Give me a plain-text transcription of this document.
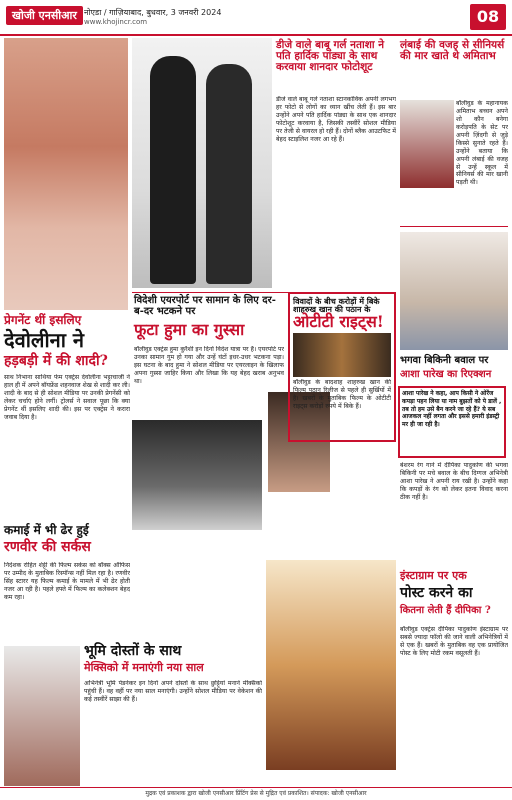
खोजी एनसीआर नोएडा / गाज़ियाबाद, बुधवार, 3 जनवरी 2024
www.khojincr.com	08
डीजे वाले बाबू गर्ल नताशा ने पति हार्दिक पांड्या के साथ करवाया शानदार फोटोशूट
डीजे वाले बाबू गर्ल नताशा स्टानकोविक अपनी लगभग हर फोटो से लोगों का ध्यान खींच लेती हैं। इस बार उन्होंने अपने पति हार्दिक पांड्या के साथ एक शानदार फोटोशूट करवाया है, जिसकी तस्वीरें सोशल मीडिया पर तेजी से वायरल हो रही हैं। दोनों ब्लैक आउटफिट में बेहद स्टाइलिश नजर आ रहे हैं।
लंबाई की वजह से सीनियर्स की मार खाते थे अमिताभ
बॉलीवुड के महानायक अमिताभ बच्चन अपने शो कौन बनेगा करोड़पति के सेट पर अपनी ज़िंदगी से जुड़े किस्से सुनाते रहते हैं। उन्होंने बताया कि अपनी लंबाई की वजह से उन्हें स्कूल में सीनियर्स की मार खानी पड़ती थी।
भगवा बिकिनी बवाल पर
आशा पारेख का रिएक्शन
आशा पारेख ने कहा, आप किसी ने ओरेंज कपड़ा पहन लिया या नाम बुझतों को पे डालें , तब तो हम उसे बैन करने जा रहे हैं? ये सब आजकल नहीं लगता और इससे हमारी इंडस्ट्री मर ही जा रही है।
बेशरम रंग गाने में दीपिका पादुकोण की भगवा बिकिनी पर मचे बवाल के बीच दिग्गज अभिनेत्री आशा पारेख ने अपनी राय रखी है। उन्होंने कहा कि कपड़ों के रंग को लेकर इतना विवाद करना ठीक नहीं है।
प्रेगनेंट थीं इसलिए
देवोलीना ने
हड़बड़ी में की शादी?
साथ निभाना साथिया फेम एक्ट्रेस देवोलीना भट्टाचार्जी ने हाल ही में अपने बॉयफ्रेंड शहनवाज शेख से शादी कर ली। शादी के बाद से ही सोशल मीडिया पर उनकी प्रेगनेंसी को लेकर चर्चाएं होने लगीं। ट्रोलर्स ने सवाल पूछा कि क्या प्रेगनेंट थीं इसलिए शादी की। इस पर एक्ट्रेस ने करारा जवाब दिया है।
विदेशी एयरपोर्ट पर सामान के लिए दर-ब-दर भटकने पर
फूटा हुमा का गुस्सा
बॉलीवुड एक्ट्रेस हुमा कुरैशी इन दिनों विदेश यात्रा पर हैं। एयरपोर्ट पर उनका सामान गुम हो गया और उन्हें घंटों इधर-उधर भटकना पड़ा। इस घटना के बाद हुमा ने सोशल मीडिया पर एयरलाइन के खिलाफ अपना गुस्सा जाहिर किया और लिखा कि यह बेहद खराब अनुभव था।
विवादों के बीच करोड़ों में बिके शाहरुख खान की पठान के
ओटीटी राइट्स!
बॉलीवुड के बादशाह शाहरुख खान की फिल्म पठान रिलीज से पहले ही सुर्खियों में है। खबरों के मुताबिक फिल्म के ओटीटी राइट्स करोड़ों रुपये में बिके हैं।
कमाई में भी ढेर हुई
रणवीर की सर्कस
निर्देशक रोहित शेट्टी की फिल्म सर्कस को बॉक्स ऑफिस पर उम्मीद के मुताबिक रिस्पॉन्स नहीं मिल रहा है। रणवीर सिंह स्टारर यह फिल्म कमाई के मामले में भी ढेर होती नजर आ रही है। पहले हफ्ते में फिल्म का कलेक्शन बेहद कम रहा।
भूमि दोस्तों के साथ
मेक्सिको में मनाएंगी नया साल
अभिनेत्री भूमि पेडनेकर इन दिनों अपने दोस्तों के साथ छुट्टियां मनाने मेक्सिको पहुंची हैं। वह वहीं पर नया साल मनाएंगी। उन्होंने सोशल मीडिया पर वेकेशन की कई तस्वीरें साझा की हैं।
इंस्टाग्राम पर एक
पोस्ट करने का
कितना लेती हैं दीपिका ?
बॉलीवुड एक्ट्रेस दीपिका पादुकोण इंस्टाग्राम पर सबसे ज्यादा फॉलो की जाने वाली अभिनेत्रियों में से एक हैं। खबरों के मुताबिक वह एक प्रायोजित पोस्ट के लिए मोटी रकम वसूलती हैं।
मुद्रक एवं प्रकाशक द्वारा खोजी एनसीआर प्रिंटिंग प्रेस से मुद्रित एवं प्रकाशित। संपादक: खोजी एनसीआर
